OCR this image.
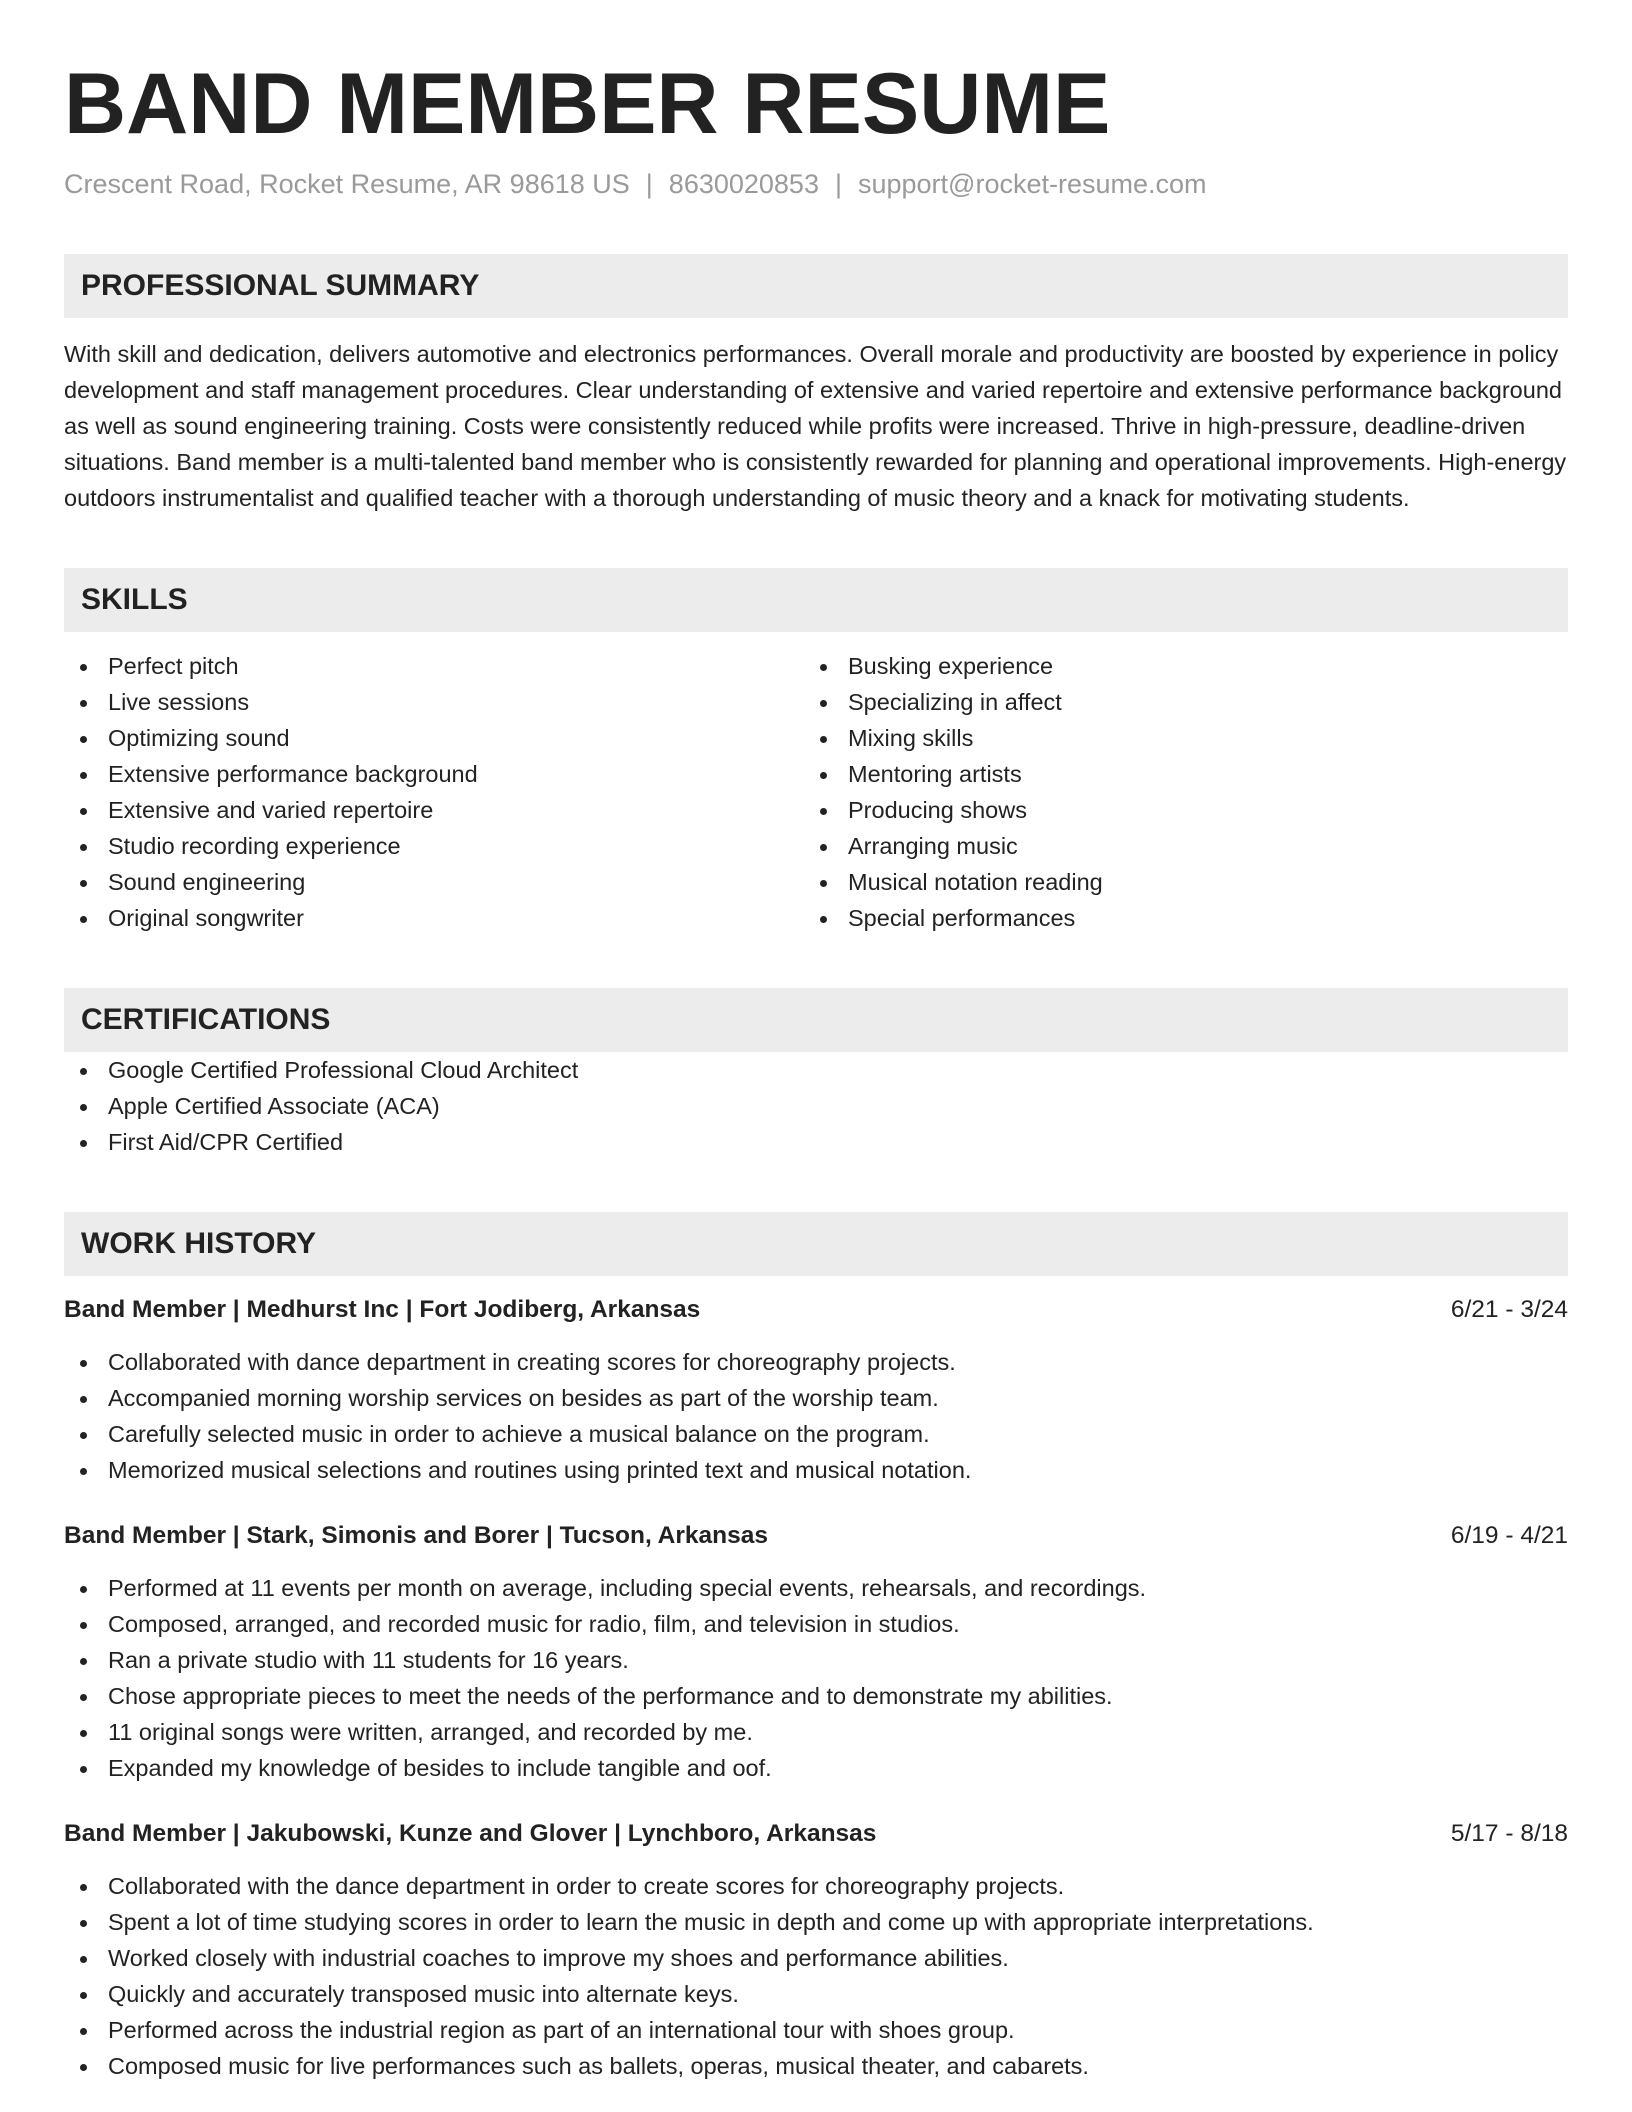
BAND MEMBER RESUME
Crescent Road, Rocket Resume, AR 98618 US | 8630020853 | support@rocket-resume.com
PROFESSIONAL SUMMARY
With skill and dedication, delivers automotive and electronics performances. Overall morale and productivity are boosted by experience in policy development and staff management procedures. Clear understanding of extensive and varied repertoire and extensive performance background as well as sound engineering training. Costs were consistently reduced while profits were increased. Thrive in high-pressure, deadline-driven situations. Band member is a multi-talented band member who is consistently rewarded for planning and operational improvements. High-energy outdoors instrumentalist and qualified teacher with a thorough understanding of music theory and a knack for motivating students.
SKILLS
Perfect pitch
Live sessions
Optimizing sound
Extensive performance background
Extensive and varied repertoire
Studio recording experience
Sound engineering
Original songwriter
Busking experience
Specializing in affect
Mixing skills
Mentoring artists
Producing shows
Arranging music
Musical notation reading
Special performances
CERTIFICATIONS
Google Certified Professional Cloud Architect
Apple Certified Associate (ACA)
First Aid/CPR Certified
WORK HISTORY
Band Member | Medhurst Inc | Fort Jodiberg, Arkansas	6/21 - 3/24
Collaborated with dance department in creating scores for choreography projects.
Accompanied morning worship services on besides as part of the worship team.
Carefully selected music in order to achieve a musical balance on the program.
Memorized musical selections and routines using printed text and musical notation.
Band Member | Stark, Simonis and Borer | Tucson, Arkansas	6/19 - 4/21
Performed at 11 events per month on average, including special events, rehearsals, and recordings.
Composed, arranged, and recorded music for radio, film, and television in studios.
Ran a private studio with 11 students for 16 years.
Chose appropriate pieces to meet the needs of the performance and to demonstrate my abilities.
11 original songs were written, arranged, and recorded by me.
Expanded my knowledge of besides to include tangible and oof.
Band Member | Jakubowski, Kunze and Glover | Lynchboro, Arkansas	5/17 - 8/18
Collaborated with the dance department in order to create scores for choreography projects.
Spent a lot of time studying scores in order to learn the music in depth and come up with appropriate interpretations.
Worked closely with industrial coaches to improve my shoes and performance abilities.
Quickly and accurately transposed music into alternate keys.
Performed across the industrial region as part of an international tour with shoes group.
Composed music for live performances such as ballets, operas, musical theater, and cabarets.
